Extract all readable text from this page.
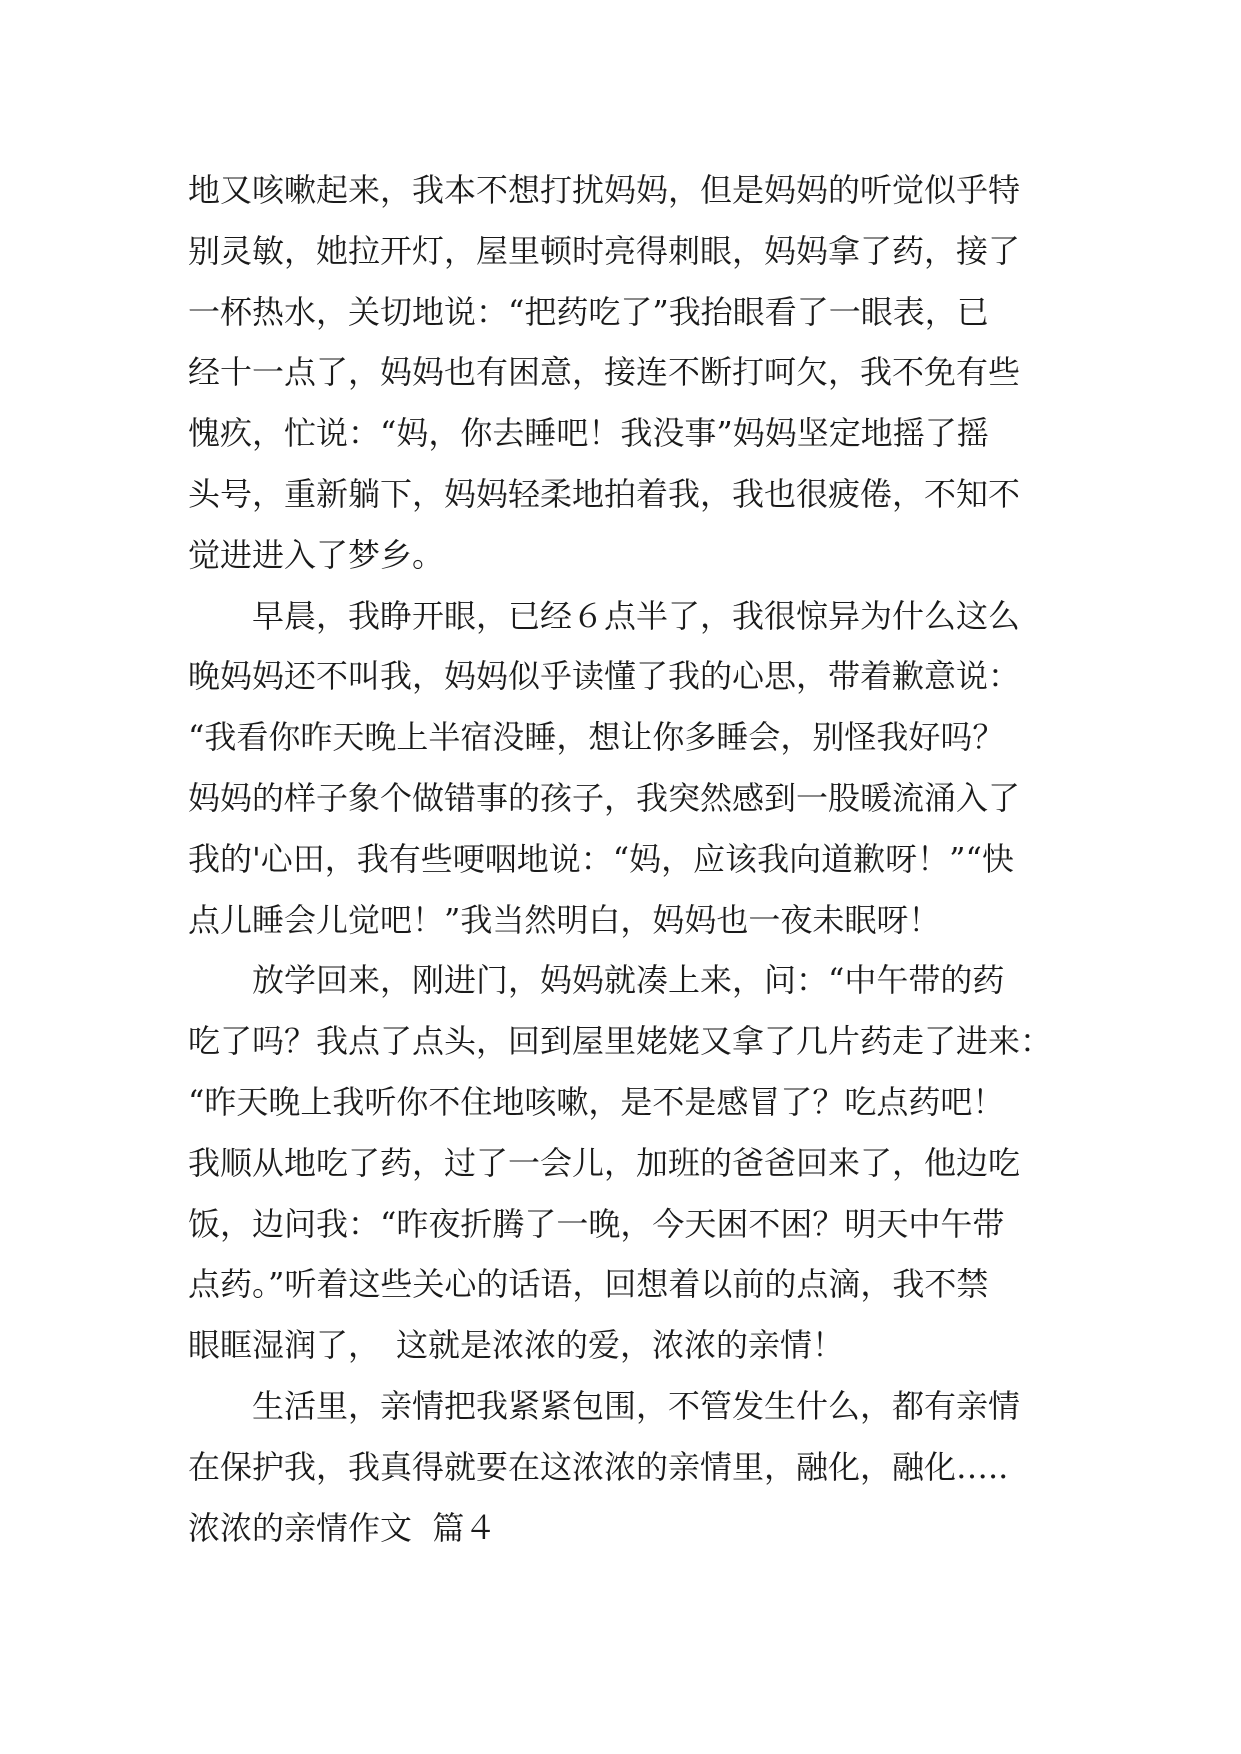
地又咳嗽起来，我本不想打扰妈妈，但是妈妈的听觉似乎特
别灵敏，她拉开灯，屋里顿时亮得刺眼，妈妈拿了药，接了
一杯热水，关切地说：“把药吃了”我抬眼看了一眼表，已
经十一点了，妈妈也有困意，接连不断打呵欠，我不免有些
愧疚，忙说：“妈，你去睡吧！我没事”妈妈坚定地摇了摇
头号，重新躺下，妈妈轻柔地拍着我，我也很疲倦，不知不
觉进进入了梦乡。
　　早晨，我睁开眼，已经６点半了，我很惊异为什么这么
晚妈妈还不叫我，妈妈似乎读懂了我的心思，带着歉意说：
“我看你昨天晚上半宿没睡，想让你多睡会，别怪我好吗？
妈妈的样子象个做错事的孩子，我突然感到一股暖流涌入了
我的'心田，我有些哽咽地说：“妈，应该我向道歉呀！”“快
点儿睡会儿觉吧！”我当然明白，妈妈也一夜未眠呀！
　　放学回来，刚进门，妈妈就凑上来，问：“中午带的药
吃了吗？我点了点头，回到屋里姥姥又拿了几片药走了进来：
“昨天晚上我听你不住地咳嗽，是不是感冒了？吃点药吧！
我顺从地吃了药，过了一会儿，加班的爸爸回来了，他边吃
饭，边问我：“昨夜折腾了一晚，今天困不困？明天中午带
点药。”听着这些关心的话语，回想着以前的点滴，我不禁
眼眶湿润了，　这就是浓浓的爱，浓浓的亲情！
　　生活里，亲情把我紧紧包围，不管发生什么，都有亲情
在保护我，我真得就要在这浓浓的亲情里，融化，融化…..
浓浓的亲情作文  篇４
